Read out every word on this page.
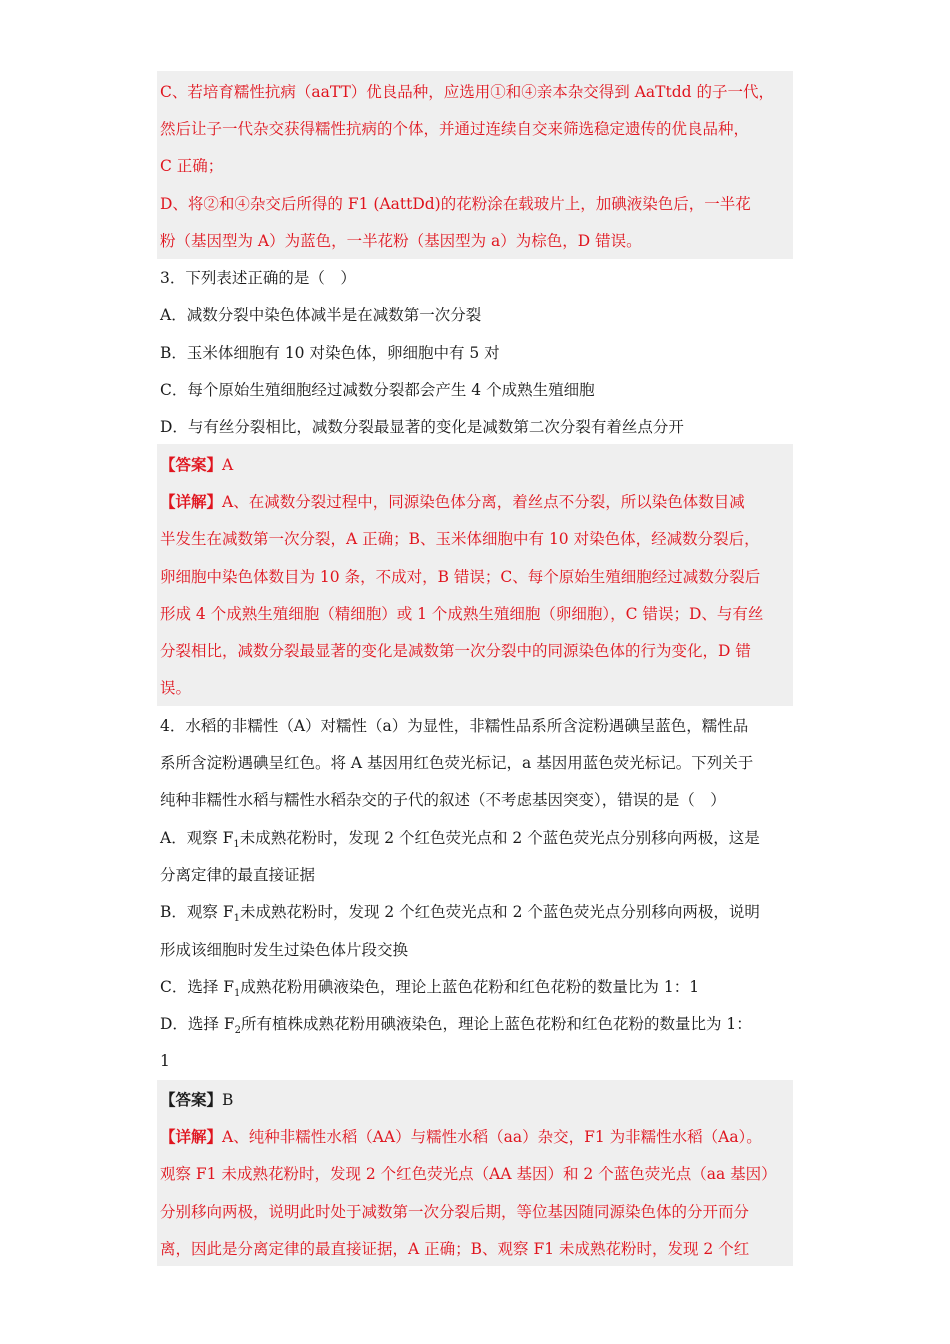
C、若培育糯性抗病（aaTT）优良品种，应选用①和④亲本杂交得到 AaTtdd 的子一代，
然后让子一代杂交获得糯性抗病的个体，并通过连续自交来筛选稳定遗传的优良品种，
C 正确；
D、将②和④杂交后所得的 F1 (AattDd)的花粉涂在载玻片上，加碘液染色后，一半花
粉（基因型为 A）为蓝色，一半花粉（基因型为 a）为棕色，D 错误。
3．下列表述正确的是（　）
A．减数分裂中染色体减半是在减数第一次分裂
B．玉米体细胞有 10 对染色体，卵细胞中有 5 对
C．每个原始生殖细胞经过减数分裂都会产生 4 个成熟生殖细胞
D．与有丝分裂相比，减数分裂最显著的变化是减数第二次分裂有着丝点分开
【答案】A
【详解】A、在减数分裂过程中，同源染色体分离，着丝点不分裂，所以染色体数目减
半发生在减数第一次分裂，A 正确；B、玉米体细胞中有 10 对染色体，经减数分裂后，
卵细胞中染色体数目为 10 条，不成对，B 错误；C、每个原始生殖细胞经过减数分裂后
形成 4 个成熟生殖细胞（精细胞）或 1 个成熟生殖细胞（卵细胞），C 错误；D、与有丝
分裂相比，减数分裂最显著的变化是减数第一次分裂中的同源染色体的行为变化，D 错
误。
4．水稻的非糯性（A）对糯性（a）为显性，非糯性品系所含淀粉遇碘呈蓝色，糯性品
系所含淀粉遇碘呈红色。将 A 基因用红色荧光标记，a 基因用蓝色荧光标记。下列关于
纯种非糯性水稻与糯性水稻杂交的子代的叙述（不考虑基因突变），错误的是（　）
A．观察 $F_1$未成熟花粉时，发现 2 个红色荧光点和 2 个蓝色荧光点分别移向两极，这是
分离定律的最直接证据
B．观察 $F_1$未成熟花粉时，发现 2 个红色荧光点和 2 个蓝色荧光点分别移向两极，说明
形成该细胞时发生过染色体片段交换
C．选择 $F_1$成熟花粉用碘液染色，理论上蓝色花粉和红色花粉的数量比为 1：1
D．选择 $F_2$所有植株成熟花粉用碘液染色，理论上蓝色花粉和红色花粉的数量比为 1：
1
【答案】B
【详解】A、纯种非糯性水稻（AA）与糯性水稻（aa）杂交，F1 为非糯性水稻（Aa）。
观察 F1 未成熟花粉时，发现 2 个红色荧光点（AA 基因）和 2 个蓝色荧光点（aa 基因）
分别移向两极，说明此时处于减数第一次分裂后期，等位基因随同源染色体的分开而分
离，因此是分离定律的最直接证据，A 正确；B、观察 F1 未成熟花粉时，发现 2 个红
